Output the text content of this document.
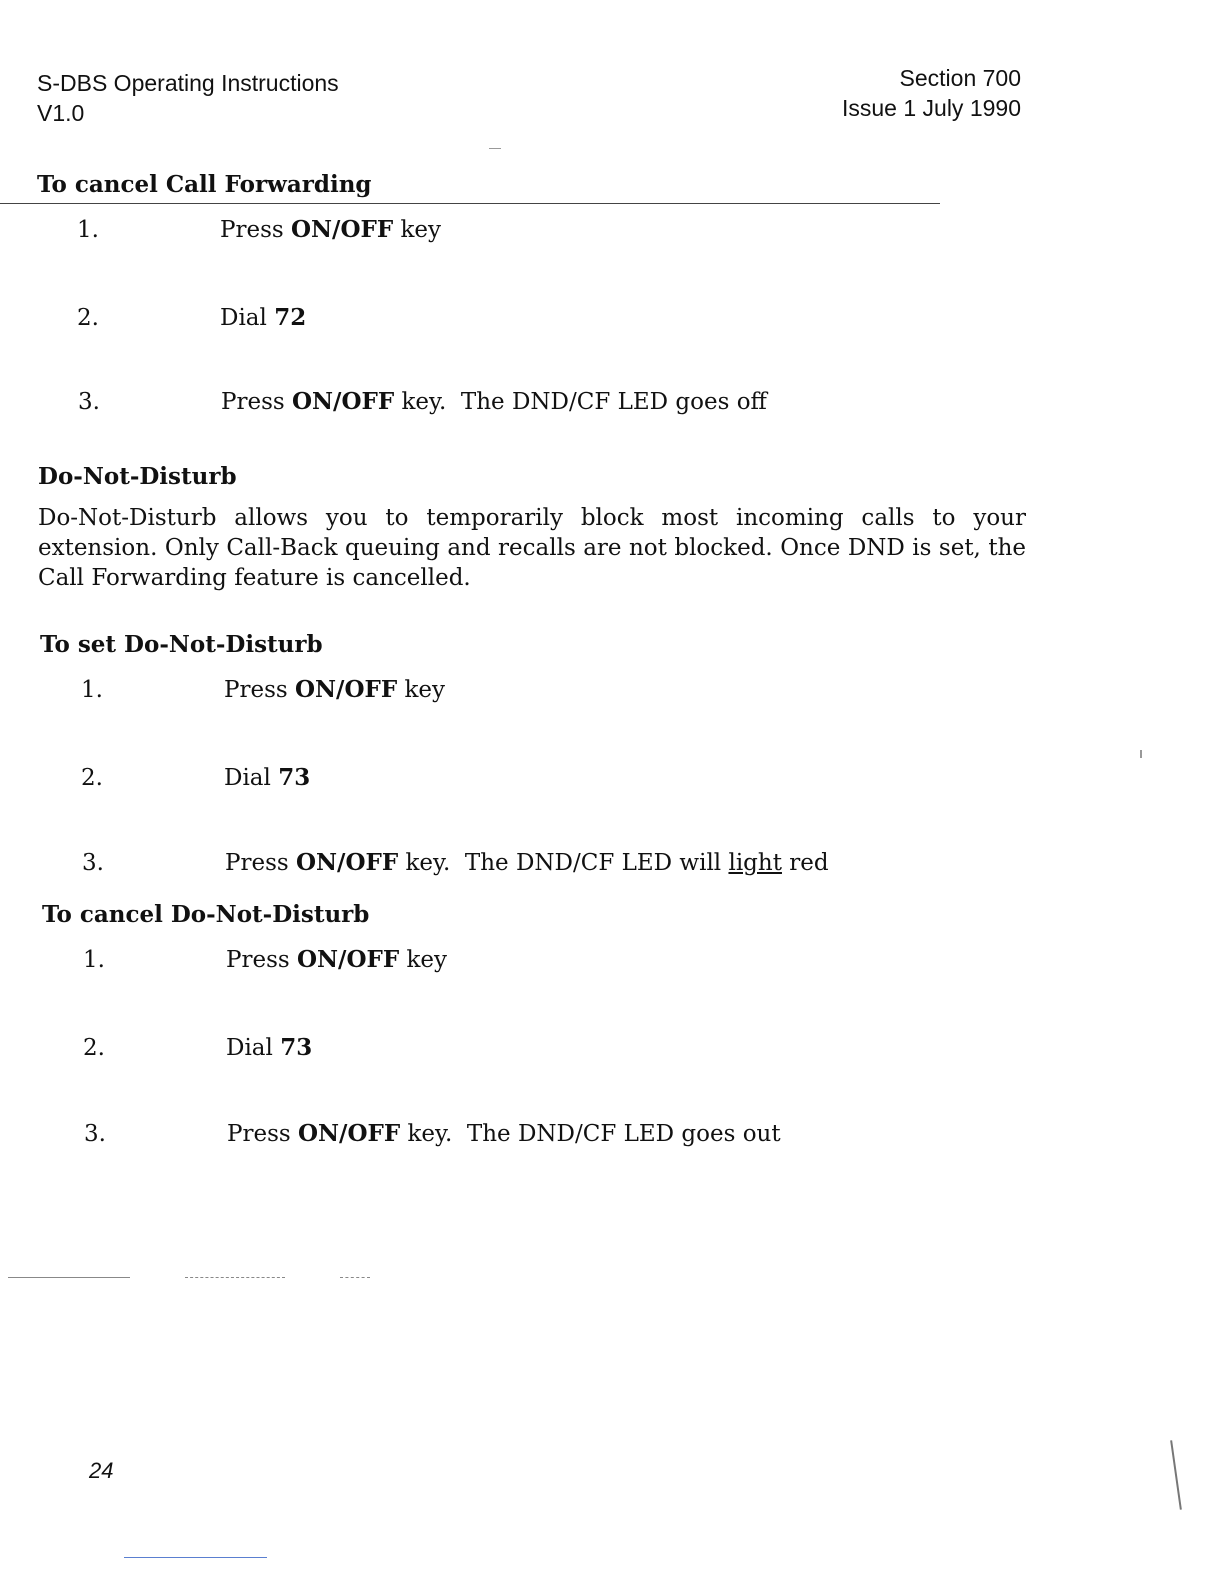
S-DBS Operating Instructions
V1.0
Section 700
Issue 1 July 1990
To cancel Call Forwarding
1.	Press ON/OFF key
2.	Dial 72
3.	Press ON/OFF key.  The DND/CF LED goes off
Do-Not-Disturb
Do-Not-Disturb allows you to temporarily block most incoming calls to your extension. Only Call-Back queuing and recalls are not blocked. Once DND is set, the Call Forwarding feature is cancelled.
To set Do-Not-Disturb
1.	Press ON/OFF key
2.	Dial 73
3.	Press ON/OFF key.  The DND/CF LED will light red
To cancel Do-Not-Disturb
1.	Press ON/OFF key
2.	Dial 73
3.	Press ON/OFF key.  The DND/CF LED goes out
24
